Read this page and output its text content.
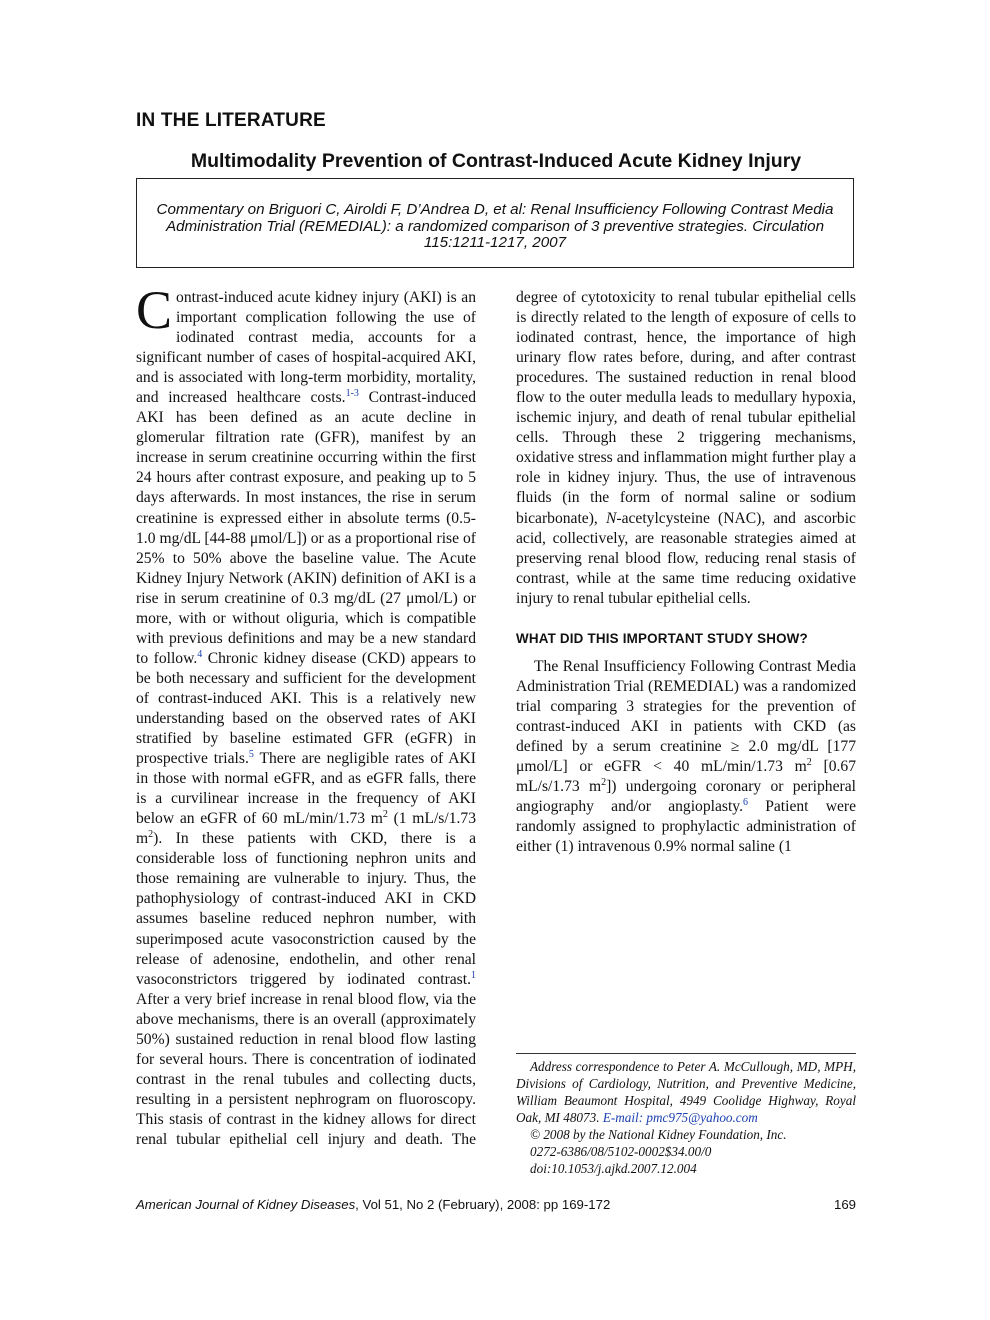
IN THE LITERATURE
Multimodality Prevention of Contrast-Induced Acute Kidney Injury
Commentary on Briguori C, Airoldi F, D’Andrea D, et al: Renal Insufficiency Following Contrast Media Administration Trial (REMEDIAL): a randomized comparison of 3 preventive strategies. Circulation 115:1211-1217, 2007

Contrast-induced acute kidney injury (AKI) is an important complication following the use of iodinated contrast media, accounts for a significant number of cases of hospital-acquired AKI, and is associated with long-term morbidity, mortality, and increased healthcare costs.$^{1-3}$ Contrast-induced AKI has been defined as an acute decline in glomerular filtration rate (GFR), manifest by an increase in serum creatinine occurring within the first 24 hours after contrast exposure, and peaking up to 5 days afterwards. In most instances, the rise in serum creatinine is expressed either in absolute terms (0.5-1.0 mg/dL [44-88 μmol/L]) or as a proportional rise of 25% to 50% above the baseline value. The Acute Kidney Injury Network (AKIN) definition of AKI is a rise in serum creatinine of 0.3 mg/dL (27 μmol/L) or more, with or without oliguria, which is compatible with previous definitions and may be a new standard to follow.$^4$ Chronic kidney disease (CKD) appears to be both necessary and sufficient for the development of contrast-induced AKI. This is a relatively new understanding based on the observed rates of AKI stratified by baseline estimated GFR (eGFR) in prospective trials.$^5$ There are negligible rates of AKI in those with normal eGFR, and as eGFR falls, there is a curvilinear increase in the frequency of AKI below an eGFR of 60 mL/min/1.73 $m^2$ (1 mL/s/1.73 $m^2$). In these patients with CKD, there is a considerable loss of functioning nephron units and those remaining are vulnerable to injury. Thus, the pathophysiology of contrast-induced AKI in CKD assumes baseline reduced nephron number, with superimposed acute vasoconstriction caused by the release of adenosine, endothelin, and other renal vasoconstrictors triggered by iodinated contrast.$^1$ After a very brief increase in renal blood flow, via the above mechanisms, there is an overall (approximately 50%) sustained reduction in renal blood flow lasting for several hours. There is concentration of iodinated contrast in the renal tubules and collecting ducts, resulting in a persistent nephrogram on fluoroscopy. This stasis of contrast in the kidney allows for direct renal tubular epithelial cell injury and death. The degree of cytotoxicity to renal tubular epithelial cells is directly related to the length of exposure of cells to iodinated contrast, hence, the importance of high urinary flow rates before, during, and after contrast procedures. The sustained reduction in renal blood flow to the outer medulla leads to medullary hypoxia, ischemic injury, and death of renal tubular epithelial cells. Through these 2 triggering mechanisms, oxidative stress and inflammation might further play a role in kidney injury. Thus, the use of intravenous fluids (in the form of normal saline or sodium bicarbonate), N-acetylcysteine (NAC), and ascorbic acid, collectively, are reasonable strategies aimed at preserving renal blood flow, reducing renal stasis of contrast, while at the same time reducing oxidative injury to renal tubular epithelial cells.

WHAT DID THIS IMPORTANT STUDY SHOW?

The Renal Insufficiency Following Contrast Media Administration Trial (REMEDIAL) was a randomized trial comparing 3 strategies for the prevention of contrast-induced AKI in patients with CKD (as defined by a serum creatinine ≥ 2.0 mg/dL [177 μmol/L] or eGFR < 40 mL/min/1.73 $m^2$ [0.67 mL/s/1.73 $m^2$]) undergoing coronary or peripheral angiography and/or angioplasty.$^6$ Patient were randomly assigned to prophylactic administration of either (1) intravenous 0.9% normal saline (1

Address correspondence to Peter A. McCullough, MD, MPH, Divisions of Cardiology, Nutrition, and Preventive Medicine, William Beaumont Hospital, 4949 Coolidge Highway, Royal Oak, MI 48073. E-mail: pmc975@yahoo.com
© 2008 by the National Kidney Foundation, Inc.
0272-6386/08/5102-0002$34.00/0
doi:10.1053/j.ajkd.2007.12.004
American Journal of Kidney Diseases, Vol 51, No 2 (February), 2008: pp 169-172	169
